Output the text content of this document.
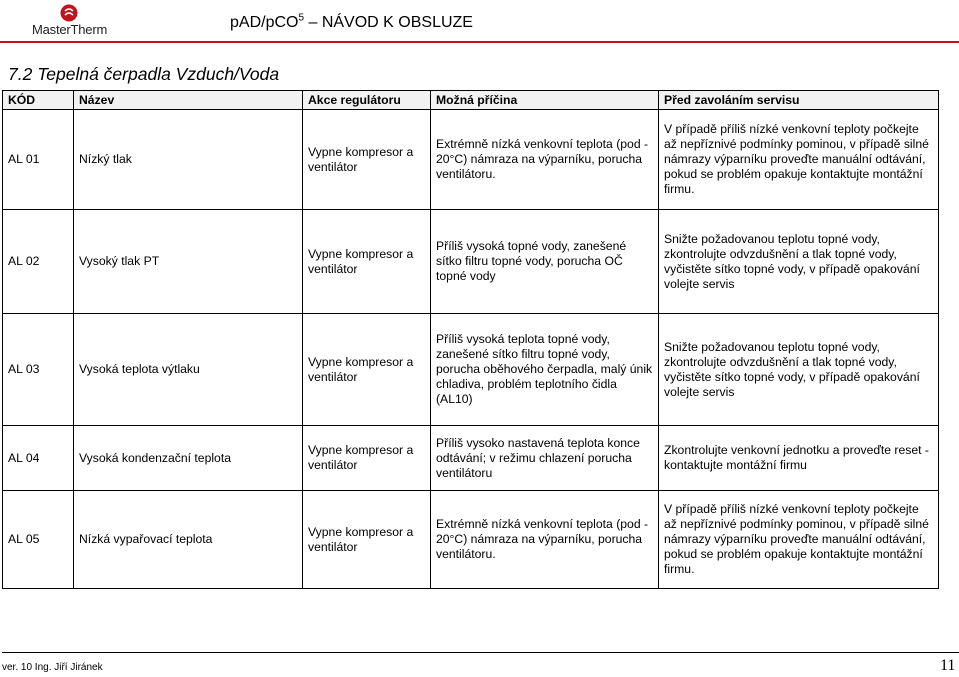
MasterTherm	pAD/pCO$^5$ – NÁVOD K OBSLUZE
7.2 Tepelná čerpadla Vzduch/Voda
KÓD	Název	Akce regulátoru	Možná příčina	Před zavoláním servisu
AL 01	Nízký tlak	Vypne kompresor a ventilátor	Extrémně nízká venkovní teplota (pod - 20°C) námraza na výparníku, porucha ventilátoru.	V případě příliš nízké venkovní teploty počkejte až nepříznivé podmínky pominou, v případě silné námrazy výparníku proveďte manuální odtávání, pokud se problém opakuje kontaktujte montážní firmu.
AL 02	Vysoký tlak PT	Vypne kompresor a ventilátor	Příliš vysoká topné vody, zanešené sítko filtru topné vody, porucha OČ topné vody	Snižte požadovanou teplotu topné vody, zkontrolujte odvzdušnění a tlak topné vody, vyčistěte sítko topné vody, v případě opakování volejte servis
AL 03	Vysoká teplota výtlaku	Vypne kompresor a ventilátor	Příliš vysoká teplota topné vody, zanešené sítko filtru topné vody, porucha oběhového čerpadla, malý únik chladiva, problém teplotního čidla (AL10)	Snižte požadovanou teplotu topné vody, zkontrolujte odvzdušnění a tlak topné vody, vyčistěte sítko topné vody, v případě opakování volejte servis
AL 04	Vysoká kondenzační teplota	Vypne kompresor a ventilátor	Příliš vysoko nastavená teplota konce odtávání; v režimu chlazení porucha ventilátoru	Zkontrolujte venkovní jednotku a proveďte reset -kontaktujte montážní firmu
AL 05	Nízká vypařovací teplota	Vypne kompresor a ventilátor	Extrémně nízká venkovní teplota (pod - 20°C) námraza na výparníku, porucha ventilátoru.	V případě příliš nízké venkovní teploty počkejte až nepříznivé podmínky pominou, v případě silné námrazy výparníku proveďte manuální odtávání, pokud se problém opakuje kontaktujte montážní firmu.
ver. 10 Ing. Jiří Jiránek	11
